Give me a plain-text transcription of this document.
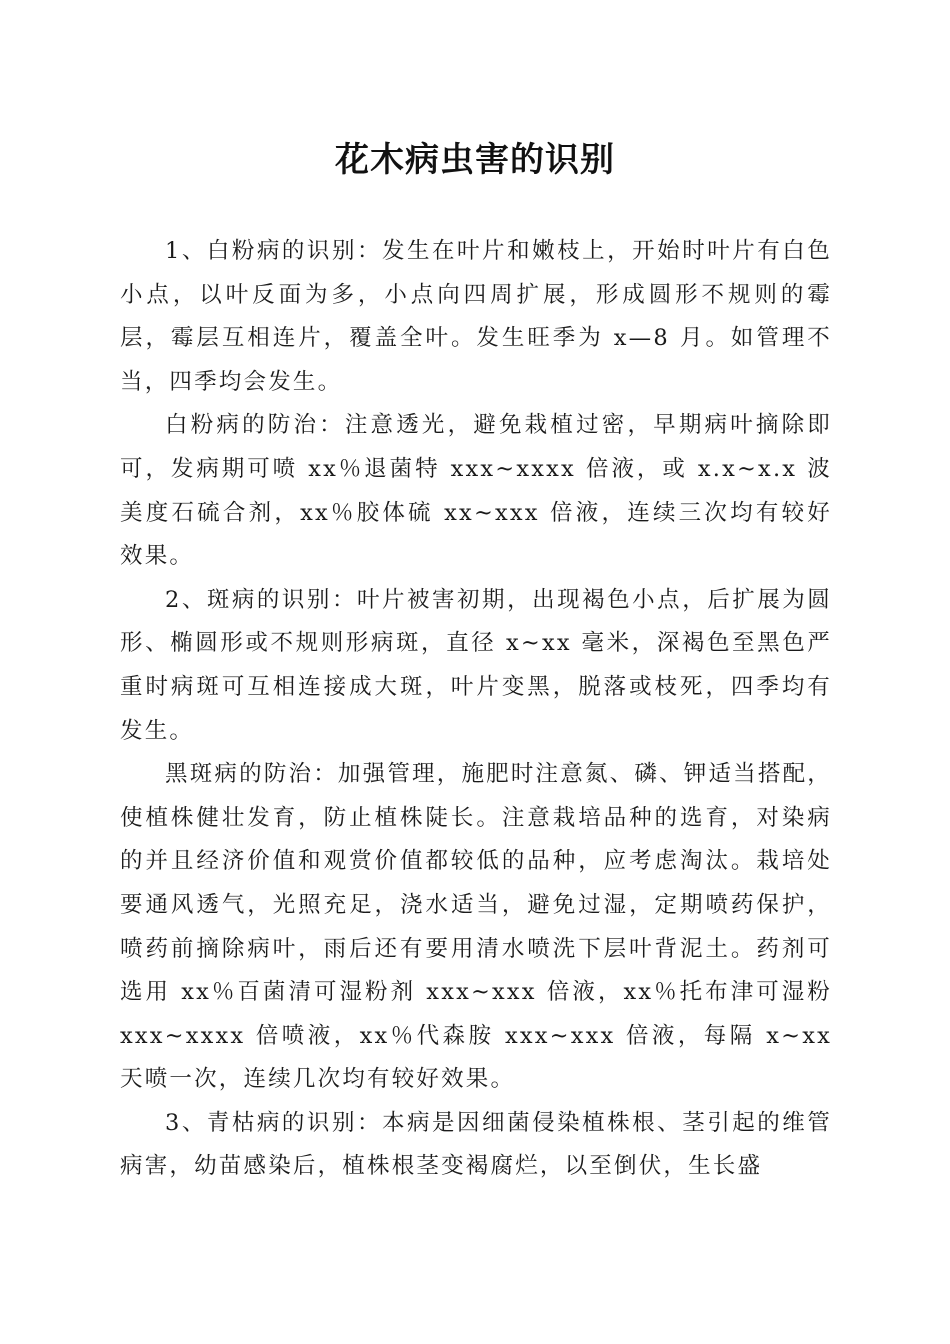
花木病虫害的识别

1、白粉病的识别：发生在叶片和嫩枝上，开始时叶片有白色小点，以叶反面为多，小点向四周扩展，形成圆形不规则的霉层，霉层互相连片，覆盖全叶。发生旺季为 x—8 月。如管理不当，四季均会发生。

白粉病的防治：注意透光，避免栽植过密，早期病叶摘除即可，发病期可喷 xx％退菌特 xxx~xxxx 倍液，或 x.x~x.x 波美度石硫合剂，xx％胶体硫 xx~xxx 倍液，连续三次均有较好效果。

2、斑病的识别：叶片被害初期，出现褐色小点，后扩展为圆形、椭圆形或不规则形病斑，直径 x~xx 毫米，深褐色至黑色严重时病斑可互相连接成大斑，叶片变黑，脱落或枝死，四季均有发生。

黑斑病的防治：加强管理，施肥时注意氮、磷、钾适当搭配，使植株健壮发育，防止植株陡长。注意栽培品种的选育，对染病的并且经济价值和观赏价值都较低的品种，应考虑淘汰。栽培处要通风透气，光照充足，浇水适当，避免过湿，定期喷药保护，喷药前摘除病叶，雨后还有要用清水喷洗下层叶背泥土。药剂可选用 xx％百菌清可湿粉剂 xxx~xxx 倍液，xx％托布津可湿粉 xxx~xxxx 倍喷液，xx％代森胺 xxx~xxx 倍液，每隔 x~xx 天喷一次，连续几次均有较好效果。

3、青枯病的识别：本病是因细菌侵染植株根、茎引起的维管病害，幼苗感染后，植株根茎变褐腐烂，以至倒伏，生长盛
